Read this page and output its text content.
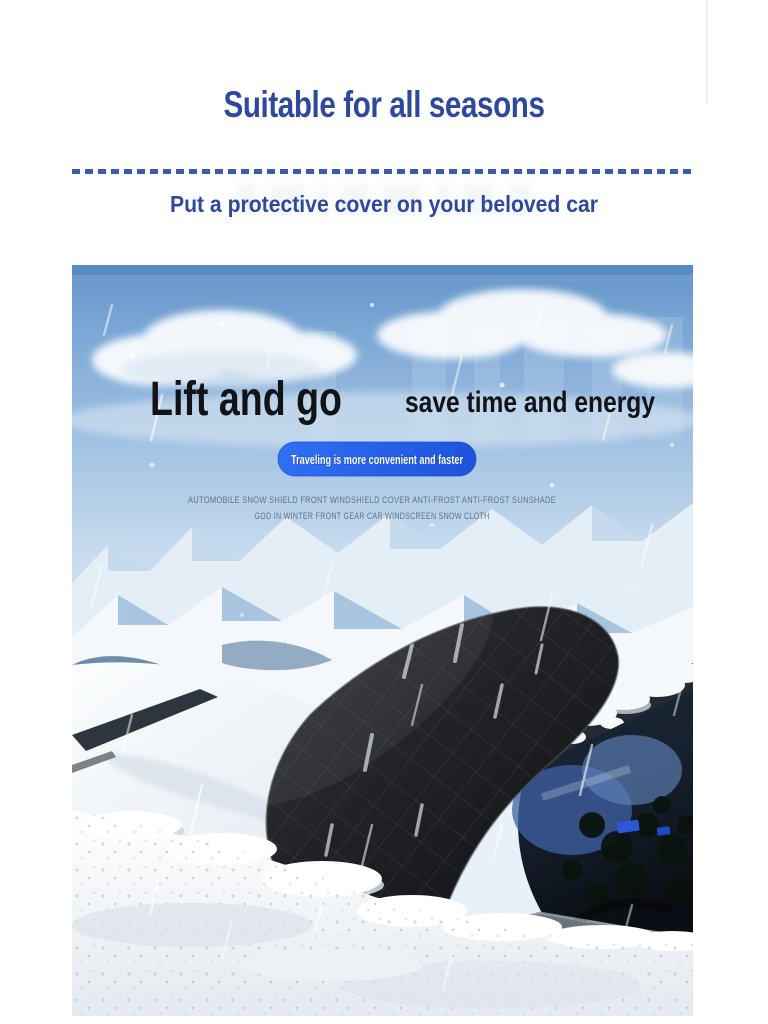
Suitable for all seasons
Put a protective cover on your beloved car
Lift and go save time and energy
Traveling is more convenient and faster
AUTOMOBILE SNOW SHIELD FRONT WINDSHIELD COVER ANTI-FROST ANTI-FROST SUNSHADE
GOD IN WINTER FRONT GEAR CAR WINDSCREEN SNOW CLOTH
